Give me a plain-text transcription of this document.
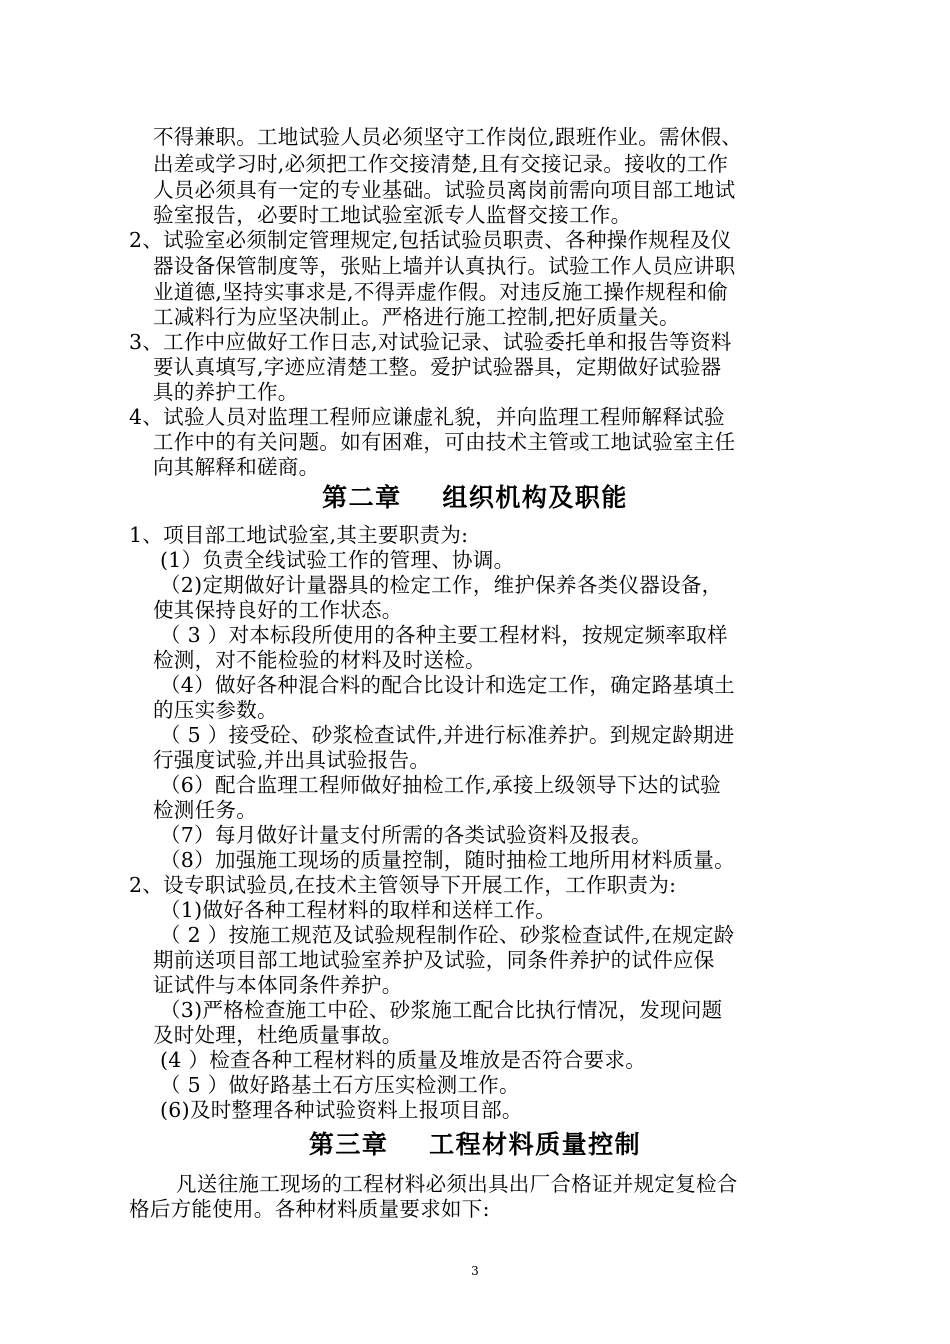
不得兼职。工地试验人员必须坚守工作岗位,跟班作业。需休假、
出差或学习时,必须把工作交接清楚,且有交接记录。接收的工作
人员必须具有一定的专业基础。试验员离岗前需向项目部工地试
验室报告，必要时工地试验室派专人监督交接工作。
2、试验室必须制定管理规定,包括试验员职责、各种操作规程及仪
器设备保管制度等，张贴上墙并认真执行。试验工作人员应讲职
业道德,坚持实事求是,不得弄虚作假。对违反施工操作规程和偷
工减料行为应坚决制止。严格进行施工控制,把好质量关。
3、工作中应做好工作日志,对试验记录、试验委托单和报告等资料
要认真填写,字迹应清楚工整。爱护试验器具，定期做好试验器
具的养护工作。
4、试验人员对监理工程师应谦虚礼貌，并向监理工程师解释试验
工作中的有关问题。如有困难，可由技术主管或工地试验室主任
向其解释和磋商。
第二章    组织机构及职能
1、项目部工地试验室,其主要职责为:
(1）负责全线试验工作的管理、协调。
（2)定期做好计量器具的检定工作，维护保养各类仪器设备，
使其保持良好的工作状态。
（ 3 ）对本标段所使用的各种主要工程材料，按规定频率取样
检测，对不能检验的材料及时送检。
（4）做好各种混合料的配合比设计和选定工作，确定路基填土
的压实参数。
（ 5 ）接受砼、砂浆检查试件,并进行标准养护。到规定龄期进
行强度试验,并出具试验报告。
（6）配合监理工程师做好抽检工作,承接上级领导下达的试验
检测任务。
（7）每月做好计量支付所需的各类试验资料及报表。
（8）加强施工现场的质量控制，随时抽检工地所用材料质量。
2、设专职试验员,在技术主管领导下开展工作，工作职责为:
（1)做好各种工程材料的取样和送样工作。
（ 2 ）按施工规范及试验规程制作砼、砂浆检查试件,在规定龄
期前送项目部工地试验室养护及试验，同条件养护的试件应保
证试件与本体同条件养护。
（3)严格检查施工中砼、砂浆施工配合比执行情况，发现问题
及时处理，杜绝质量事故。
(4 ）检查各种工程材料的质量及堆放是否符合要求。
（ 5 ）做好路基土石方压实检测工作。
(6)及时整理各种试验资料上报项目部。
第三章    工程材料质量控制
凡送往施工现场的工程材料必须出具出厂合格证并规定复检合
格后方能使用。各种材料质量要求如下:
3
